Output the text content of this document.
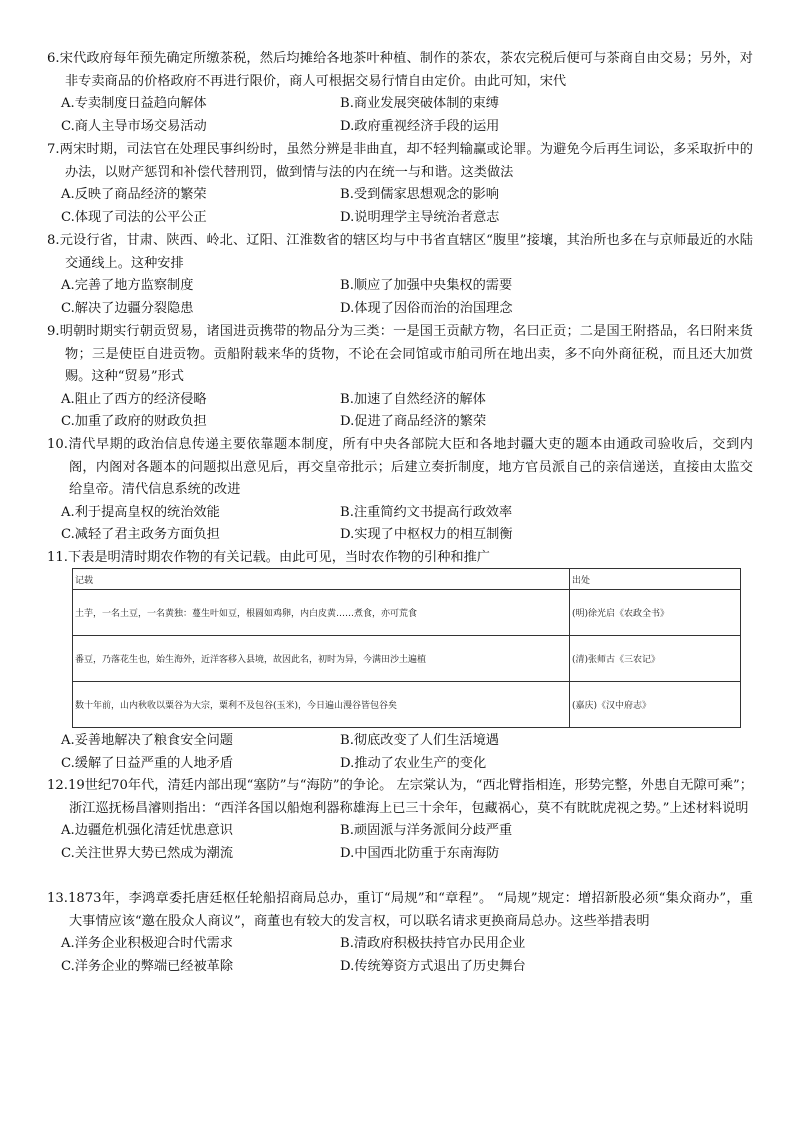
6.宋代政府每年预先确定所缴茶税，然后均摊给各地茶叶种植、制作的茶农，茶农完税后便可与茶商自由交易；另外，对非专卖商品的价格政府不再进行限价，商人可根据交易行情自由定价。由此可知，宋代

A.专卖制度日益趋向解体	B.商业发展突破体制的束缚
C.商人主导市场交易活动	D.政府重视经济手段的运用

7.两宋时期，司法官在处理民事纠纷时，虽然分辨是非曲直，却不轻判输赢或论罪。为避免今后再生词讼，多采取折中的办法，以财产惩罚和补偿代替刑罚，做到情与法的内在统一与和谐。这类做法

A.反映了商品经济的繁荣	B.受到儒家思想观念的影响
C.体现了司法的公平公正	D.说明理学主导统治者意志

8.元设行省，甘肃、陕西、岭北、辽阳、江淮数省的辖区均与中书省直辖区“腹里”接壤，其治所也多在与京师最近的水陆交通线上。这种安排

A.完善了地方监察制度	B.顺应了加强中央集权的需要
C.解决了边疆分裂隐患	D.体现了因俗而治的治国理念

9.明朝时期实行朝贡贸易，诸国进贡携带的物品分为三类：一是国王贡献方物，名曰正贡；二是国王附搭品，名曰附来货物；三是使臣自进贡物。贡船附载来华的货物，不论在会同馆或市舶司所在地出卖，多不向外商征税，而且还大加赏赐。这种“贸易”形式

A.阻止了西方的经济侵略	B.加速了自然经济的解体
C.加重了政府的财政负担	D.促进了商品经济的繁荣

10.清代早期的政治信息传递主要依靠题本制度，所有中央各部院大臣和各地封疆大吏的题本由通政司验收后，交到内阁，内阁对各题本的问题拟出意见后，再交皇帝批示；后建立奏折制度，地方官员派自己的亲信递送，直接由太监交给皇帝。清代信息系统的改进

A.利于提高皇权的统治效能	B.注重简约文书提高行政效率
C.减轻了君主政务方面负担	D.实现了中枢权力的相互制衡

11.下表是明清时期农作物的有关记载。由此可见，当时农作物的引种和推广

记载	出处
土芋，一名土豆，一名黄独：蔓生叶如豆，根圆如鸡卵，内白皮黄……煮食，亦可荒食	(明)徐光启《农政全书》
番豆，乃落花生也，始生海外，近洋客移入县境，故因此名，初时为异，今满田沙土遍植	(清)张师古《三农记》
数十年前，山内秋收以粟谷为大宗，粟利不及包谷(玉米)，今日遍山漫谷皆包谷矣	(嘉庆)《汉中府志》
A.妥善地解决了粮食安全问题	B.彻底改变了人们生活境遇
C.缓解了日益严重的人地矛盾	D.推动了农业生产的变化

12.19世纪70年代，清廷内部出现“塞防”与“海防”的争论。 左宗棠认为，“西北臂指相连，形势完整，外患自无隙可乘”；浙江巡抚杨昌濬则指出：“西洋各国以船炮利器称雄海上已三十余年，包藏祸心，莫不有眈眈虎视之势。”上述材料说明

A.边疆危机强化清廷忧患意识	B.顽固派与洋务派间分歧严重
C.关注世界大势已然成为潮流	D.中国西北防重于东南海防

13.1873年，李鸿章委托唐廷枢任轮船招商局总办，重订“局规”和“章程”。 “局规”规定：增招新股必须“集众商办”，重大事情应该“邀在股众人商议”，商董也有较大的发言权，可以联名请求更换商局总办。这些举措表明

A.洋务企业积极迎合时代需求	B.清政府积极扶持官办民用企业
C.洋务企业的弊端已经被革除	D.传统筹资方式退出了历史舞台
